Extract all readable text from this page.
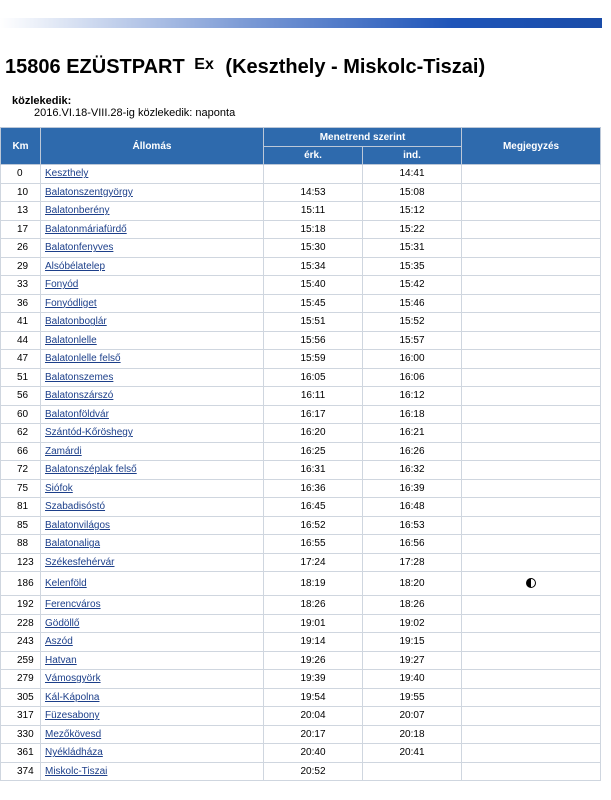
15806 EZÜSTPART $^{Ex}$ (Keszthely - Miskolc-Tiszai)
közlekedik:
2016.VI.18-VIII.28-ig közlekedik: naponta
Km	Állomás	Menetrend szerint		Megjegyzés
		érk.	ind.	
0	Keszthely		14:41	
10	Balatonszentgyörgy	14:53	15:08	
13	Balatonberény	15:11	15:12	
17	Balatonmáriafürdő	15:18	15:22	
26	Balatonfenyves	15:30	15:31	
29	Alsóbélatelep	15:34	15:35	
33	Fonyód	15:40	15:42	
36	Fonyódliget	15:45	15:46	
41	Balatonboglár	15:51	15:52	
44	Balatonlelle	15:56	15:57	
47	Balatonlelle felső	15:59	16:00	
51	Balatonszemes	16:05	16:06	
56	Balatonszárszó	16:11	16:12	
60	Balatonföldvár	16:17	16:18	
62	Szántód-Kőröshegy	16:20	16:21	
66	Zamárdi	16:25	16:26	
72	Balatonszéplak felső	16:31	16:32	
75	Siófok	16:36	16:39	
81	Szabadisóstó	16:45	16:48	
85	Balatonvilágos	16:52	16:53	
88	Balatonaliga	16:55	16:56	
123	Székesfehérvár	17:24	17:28	
186	Kelenföld	18:19	18:20	
192	Ferencváros	18:26	18:26	
228	Gödöllő	19:01	19:02	
243	Aszód	19:14	19:15	
259	Hatvan	19:26	19:27	
279	Vámosgyörk	19:39	19:40	
305	Kál-Kápolna	19:54	19:55	
317	Füzesabony	20:04	20:07	
330	Mezőkövesd	20:17	20:18	
361	Nyékládháza	20:40	20:41	
374	Miskolc-Tiszai	20:52		
